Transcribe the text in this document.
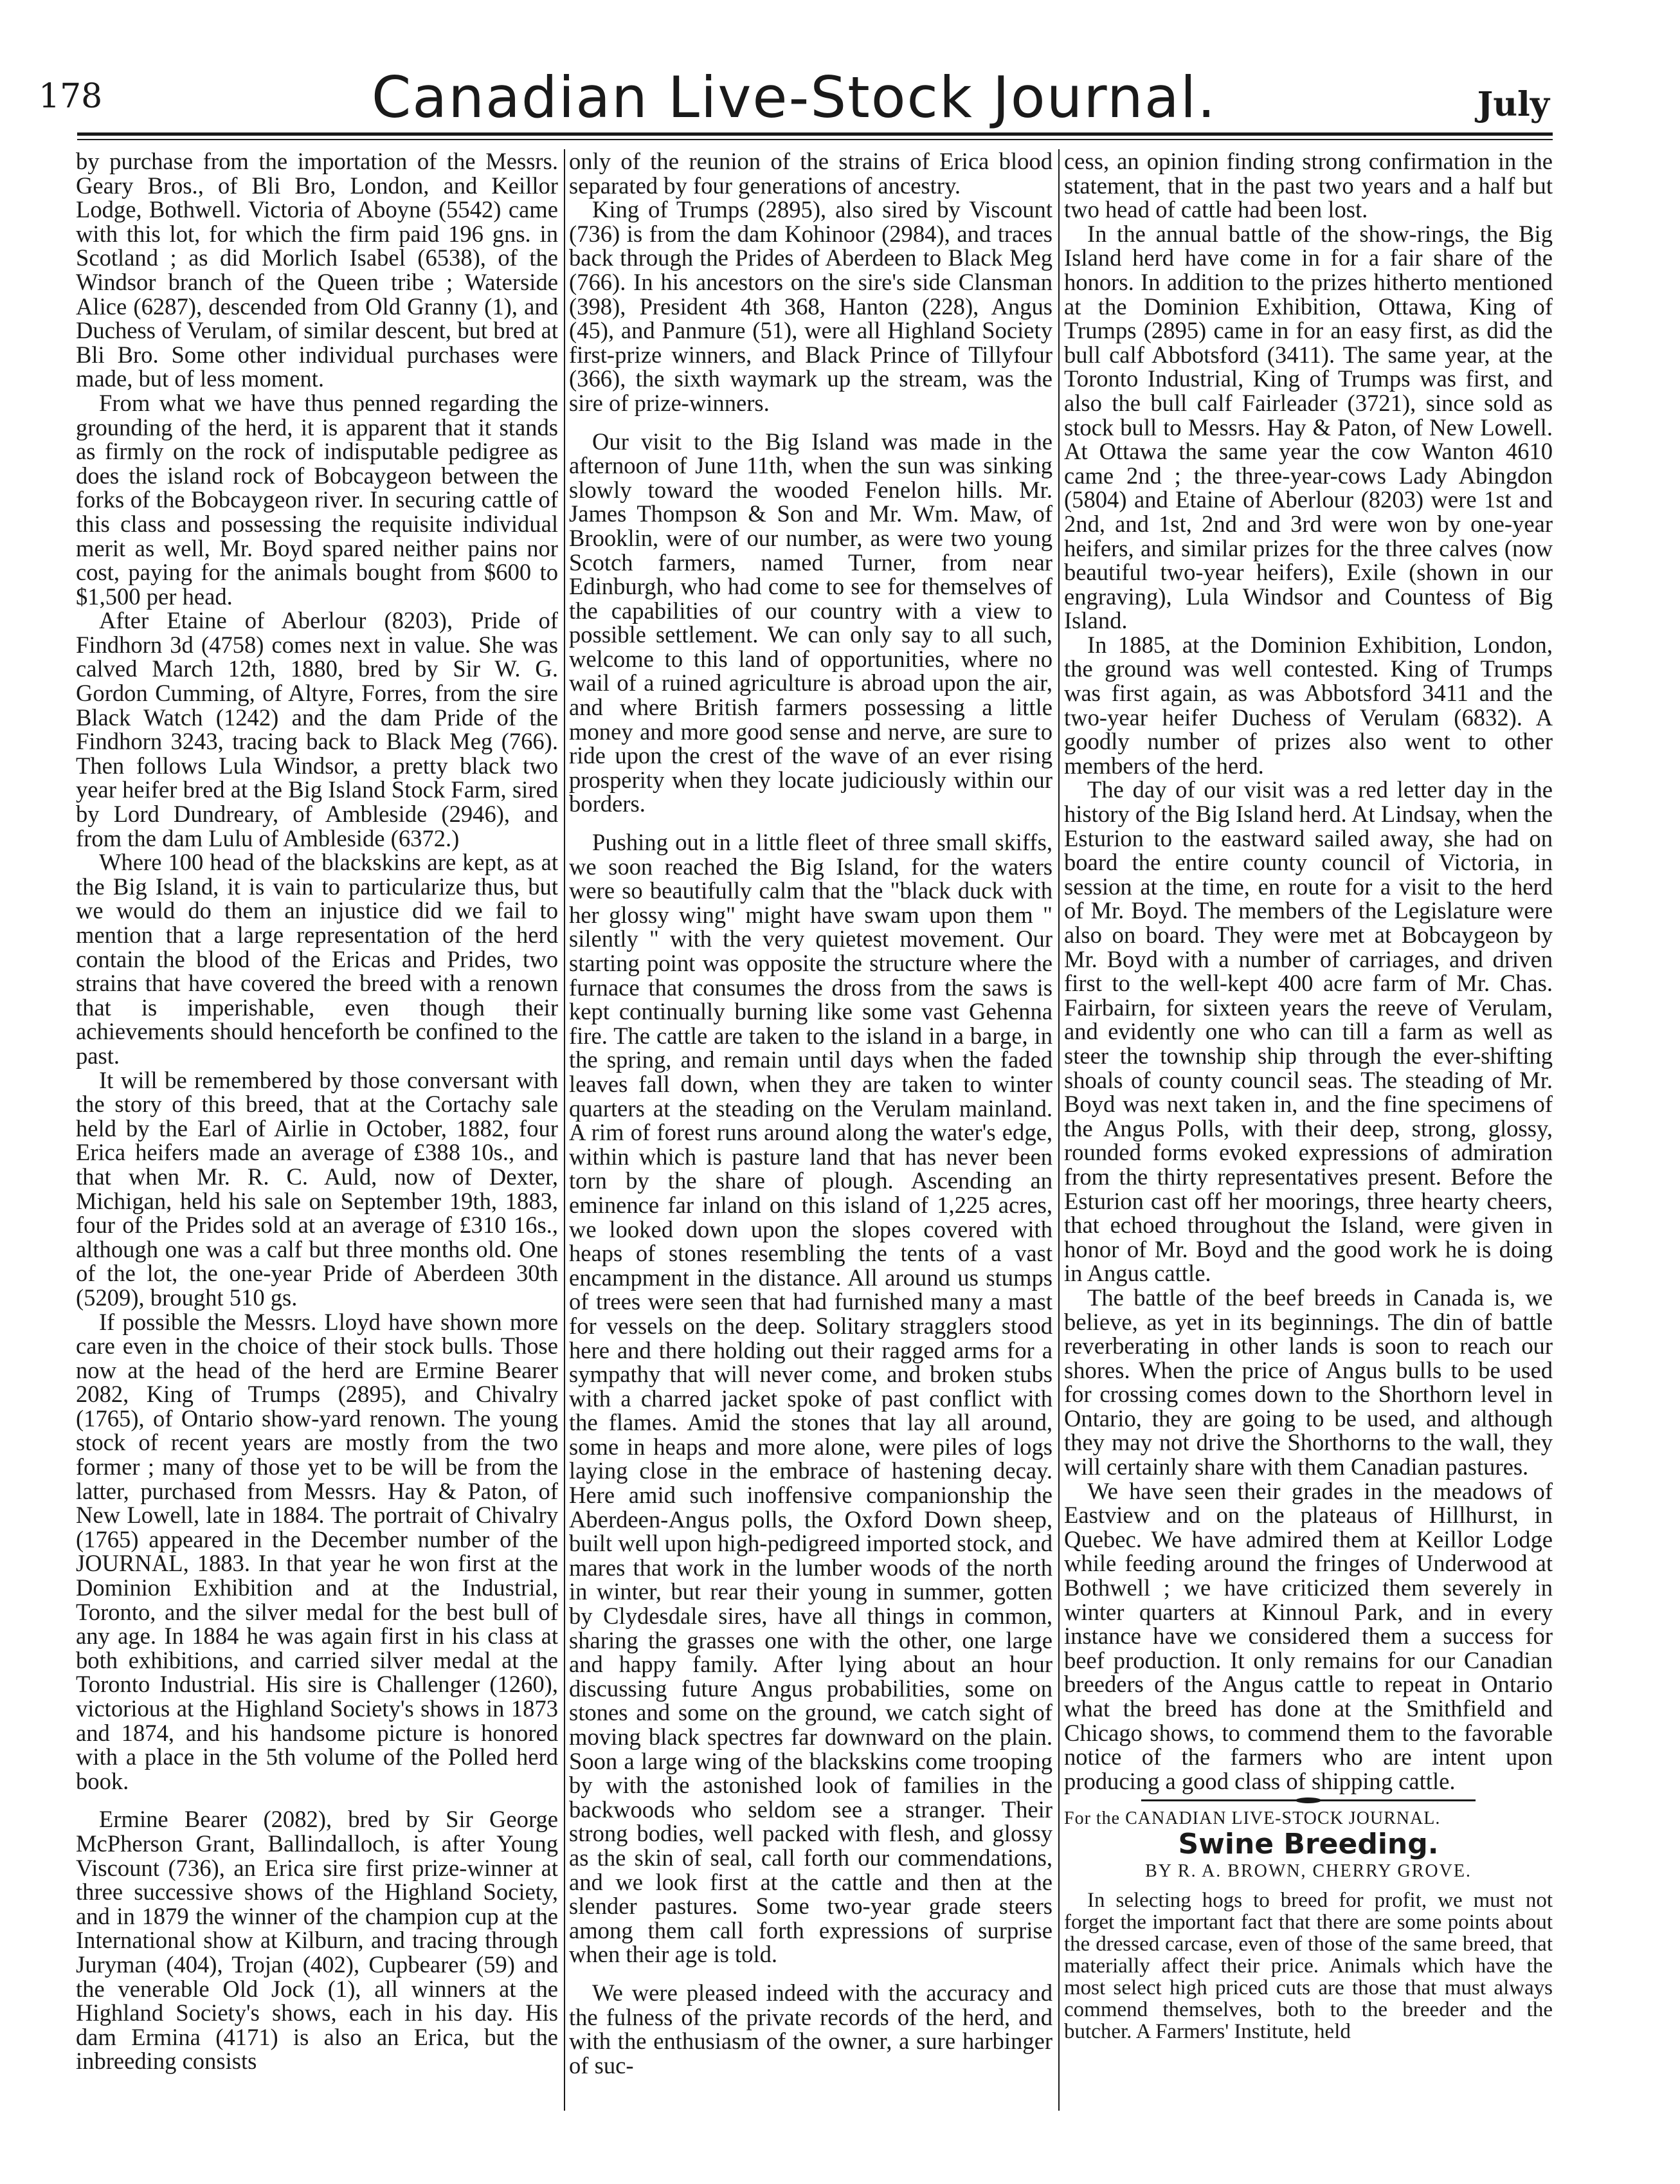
178	Canadian Live-Stock Journal.	July

by purchase from the importation of the Messrs. Geary Bros., of Bli Bro, London, and Keillor Lodge, Bothwell. Victoria of Aboyne (5542) came with this lot, for which the firm paid 196 gns. in Scotland ; as did Morlich Isabel (6538), of the Windsor branch of the Queen tribe ; Waterside Alice (6287), descended from Old Granny (1), and Duchess of Verulam, of similar descent, but bred at Bli Bro. Some other individual purchases were made, but of less moment.

From what we have thus penned regarding the grounding of the herd, it is apparent that it stands as firmly on the rock of indisputable pedigree as does the island rock of Bobcaygeon between the forks of the Bobcaygeon river. In securing cattle of this class and possessing the requisite individual merit as well, Mr. Boyd spared neither pains nor cost, paying for the animals bought from $600 to $1,500 per head.

After Etaine of Aberlour (8203), Pride of Findhorn 3d (4758) comes next in value. She was calved March 12th, 1880, bred by Sir W. G. Gordon Cumming, of Altyre, Forres, from the sire Black Watch (1242) and the dam Pride of the Findhorn 3243, tracing back to Black Meg (766). Then follows Lula Windsor, a pretty black two year heifer bred at the Big Island Stock Farm, sired by Lord Dundreary, of Ambleside (2946), and from the dam Lulu of Ambleside (6372.)

Where 100 head of the blackskins are kept, as at the Big Island, it is vain to particularize thus, but we would do them an injustice did we fail to mention that a large representation of the herd contain the blood of the Ericas and Prides, two strains that have covered the breed with a renown that is imperishable, even though their achievements should henceforth be confined to the past.

It will be remembered by those conversant with the story of this breed, that at the Cortachy sale held by the Earl of Airlie in October, 1882, four Erica heifers made an average of £388 10s., and that when Mr. R. C. Auld, now of Dexter, Michigan, held his sale on September 19th, 1883, four of the Prides sold at an average of £310 16s., although one was a calf but three months old. One of the lot, the one-year Pride of Aberdeen 30th (5209), brought 510 gs.

If possible the Messrs. Lloyd have shown more care even in the choice of their stock bulls. Those now at the head of the herd are Ermine Bearer 2082, King of Trumps (2895), and Chivalry (1765), of Ontario show-yard renown. The young stock of recent years are mostly from the two former ; many of those yet to be will be from the latter, purchased from Messrs. Hay & Paton, of New Lowell, late in 1884. The portrait of Chivalry (1765) appeared in the December number of the JOURNAL, 1883. In that year he won first at the Dominion Exhibition and at the Industrial, Toronto, and the silver medal for the best bull of any age. In 1884 he was again first in his class at both exhibitions, and carried silver medal at the Toronto Industrial. His sire is Challenger (1260), victorious at the Highland Society's shows in 1873 and 1874, and his handsome picture is honored with a place in the 5th volume of the Polled herd book.

Ermine Bearer (2082), bred by Sir George McPherson Grant, Ballindalloch, is after Young Viscount (736), an Erica sire first prize-winner at three successive shows of the Highland Society, and in 1879 the winner of the champion cup at the International show at Kilburn, and tracing through Juryman (404), Trojan (402), Cupbearer (59) and the venerable Old Jock (1), all winners at the Highland Society's shows, each in his day. His dam Ermina (4171) is also an Erica, but the inbreeding consists

only of the reunion of the strains of Erica blood separated by four generations of ancestry.

King of Trumps (2895), also sired by Viscount (736) is from the dam Kohinoor (2984), and traces back through the Prides of Aberdeen to Black Meg (766). In his ancestors on the sire's side Clansman (398), President 4th 368, Hanton (228), Angus (45), and Panmure (51), were all Highland Society first-prize winners, and Black Prince of Tillyfour (366), the sixth waymark up the stream, was the sire of prize-winners.

Our visit to the Big Island was made in the afternoon of June 11th, when the sun was sinking slowly toward the wooded Fenelon hills. Mr. James Thompson & Son and Mr. Wm. Maw, of Brooklin, were of our number, as were two young Scotch farmers, named Turner, from near Edinburgh, who had come to see for themselves of the capabilities of our country with a view to possible settlement. We can only say to all such, welcome to this land of opportunities, where no wail of a ruined agriculture is abroad upon the air, and where British farmers possessing a little money and more good sense and nerve, are sure to ride upon the crest of the wave of an ever rising prosperity when they locate judiciously within our borders.

Pushing out in a little fleet of three small skiffs, we soon reached the Big Island, for the waters were so beautifully calm that the "black duck with her glossy wing" might have swam upon them " silently " with the very quietest movement. Our starting point was opposite the structure where the furnace that consumes the dross from the saws is kept continually burning like some vast Gehenna fire. The cattle are taken to the island in a barge, in the spring, and remain until days when the faded leaves fall down, when they are taken to winter quarters at the steading on the Verulam mainland. A rim of forest runs around along the water's edge, within which is pasture land that has never been torn by the share of plough. Ascending an eminence far inland on this island of 1,225 acres, we looked down upon the slopes covered with heaps of stones resembling the tents of a vast encampment in the distance. All around us stumps of trees were seen that had furnished many a mast for vessels on the deep. Solitary stragglers stood here and there holding out their ragged arms for a sympathy that will never come, and broken stubs with a charred jacket spoke of past conflict with the flames. Amid the stones that lay all around, some in heaps and more alone, were piles of logs laying close in the embrace of hastening decay. Here amid such inoffensive companionship the Aberdeen-Angus polls, the Oxford Down sheep, built well upon high-pedigreed imported stock, and mares that work in the lumber woods of the north in winter, but rear their young in summer, gotten by Clydesdale sires, have all things in common, sharing the grasses one with the other, one large and happy family. After lying about an hour discussing future Angus probabilities, some on stones and some on the ground, we catch sight of moving black spectres far downward on the plain. Soon a large wing of the blackskins come trooping by with the astonished look of families in the backwoods who seldom see a stranger. Their strong bodies, well packed with flesh, and glossy as the skin of seal, call forth our commendations, and we look first at the cattle and then at the slender pastures. Some two-year grade steers among them call forth expressions of surprise when their age is told.

We were pleased indeed with the accuracy and the fulness of the private records of the herd, and with the enthusiasm of the owner, a sure harbinger of suc-

cess, an opinion finding strong confirmation in the statement, that in the past two years and a half but two head of cattle had been lost.

In the annual battle of the show-rings, the Big Island herd have come in for a fair share of the honors. In addition to the prizes hitherto mentioned at the Dominion Exhibition, Ottawa, King of Trumps (2895) came in for an easy first, as did the bull calf Abbotsford (3411). The same year, at the Toronto Industrial, King of Trumps was first, and also the bull calf Fairleader (3721), since sold as stock bull to Messrs. Hay & Paton, of New Lowell. At Ottawa the same year the cow Wanton 4610 came 2nd ; the three-year-cows Lady Abingdon (5804) and Etaine of Aberlour (8203) were 1st and 2nd, and 1st, 2nd and 3rd were won by one-year heifers, and similar prizes for the three calves (now beautiful two-year heifers), Exile (shown in our engraving), Lula Windsor and Countess of Big Island.

In 1885, at the Dominion Exhibition, London, the ground was well contested. King of Trumps was first again, as was Abbotsford 3411 and the two-year heifer Duchess of Verulam (6832). A goodly number of prizes also went to other members of the herd.

The day of our visit was a red letter day in the history of the Big Island herd. At Lindsay, when the Esturion to the eastward sailed away, she had on board the entire county council of Victoria, in session at the time, en route for a visit to the herd of Mr. Boyd. The members of the Legislature were also on board. They were met at Bobcaygeon by Mr. Boyd with a number of carriages, and driven first to the well-kept 400 acre farm of Mr. Chas. Fairbairn, for sixteen years the reeve of Verulam, and evidently one who can till a farm as well as steer the township ship through the ever-shifting shoals of county council seas. The steading of Mr. Boyd was next taken in, and the fine specimens of the Angus Polls, with their deep, strong, glossy, rounded forms evoked expressions of admiration from the thirty representatives present. Before the Esturion cast off her moorings, three hearty cheers, that echoed throughout the Island, were given in honor of Mr. Boyd and the good work he is doing in Angus cattle.

The battle of the beef breeds in Canada is, we believe, as yet in its beginnings. The din of battle reverberating in other lands is soon to reach our shores. When the price of Angus bulls to be used for crossing comes down to the Shorthorn level in Ontario, they are going to be used, and although they may not drive the Shorthorns to the wall, they will certainly share with them Canadian pastures.

We have seen their grades in the meadows of Eastview and on the plateaus of Hillhurst, in Quebec. We have admired them at Keillor Lodge while feeding around the fringes of Underwood at Bothwell ; we have criticized them severely in winter quarters at Kinnoul Park, and in every instance have we considered them a success for beef production. It only remains for our Canadian breeders of the Angus cattle to repeat in Ontario what the breed has done at the Smithfield and Chicago shows, to commend them to the favorable notice of the farmers who are intent upon producing a good class of shipping cattle.

For the CANADIAN LIVE-STOCK JOURNAL.
Swine Breeding.
BY R. A. BROWN, CHERRY GROVE.

In selecting hogs to breed for profit, we must not forget the important fact that there are some points about the dressed carcase, even of those of the same breed, that materially affect their price. Animals which have the most select high priced cuts are those that must always commend themselves, both to the breeder and the butcher. A Farmers' Institute, held
